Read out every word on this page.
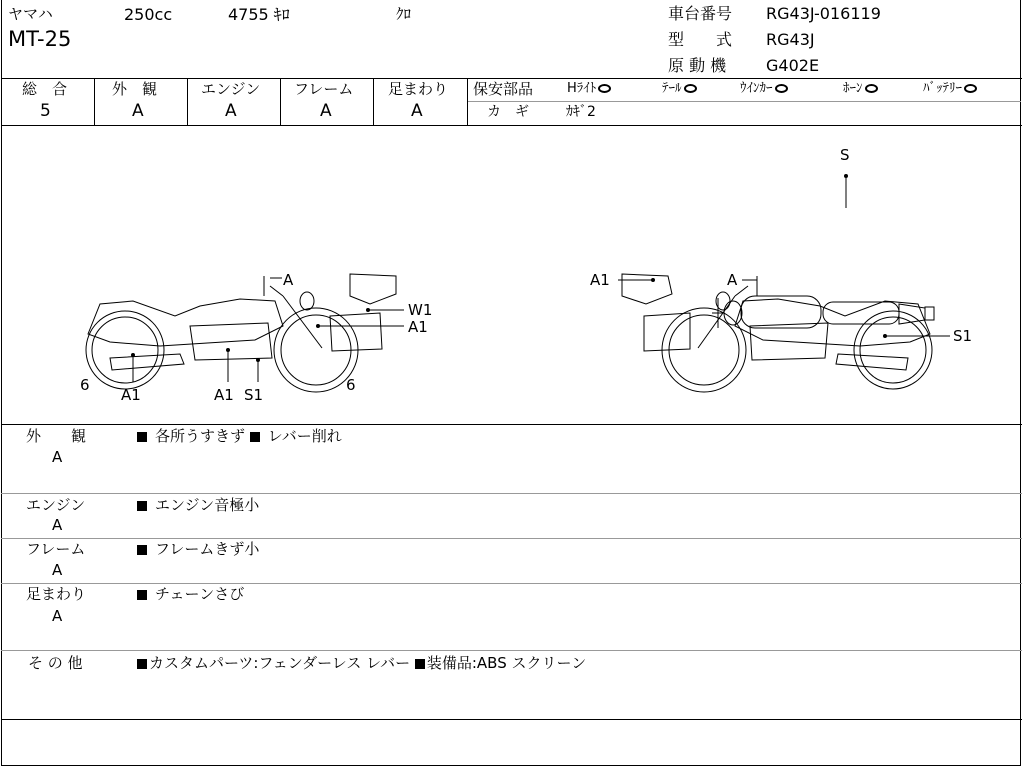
ヤマハ	250cc	4755 ｷﾛ	ｸﾛ
MT-25
車台番号 RG43J-016119
型　　式 RG43J
原 動 機 G402E
総　合
5
外　観
A
エンジン
A
フレーム
A
足まわり
A
保安部品	Hﾗｲﾄ	ﾃｰﾙ	ｳｲﾝｶｰ	ﾎｰﾝ	ﾊﾞｯﾃﾘｰ
カ　ギ	ｶｷﾞ2
A
W1
A1
6
A1	A1 S1
6
A1	A
S1
S
外　　観
A
各所うすきず レバー削れ
エンジン
A
エンジン音極小
フレーム
A
フレームきず小
足まわり
A
チェーンさび
そ の 他	カスタムパーツ:フェンダーレス レバー 装備品:ABS スクリーン
